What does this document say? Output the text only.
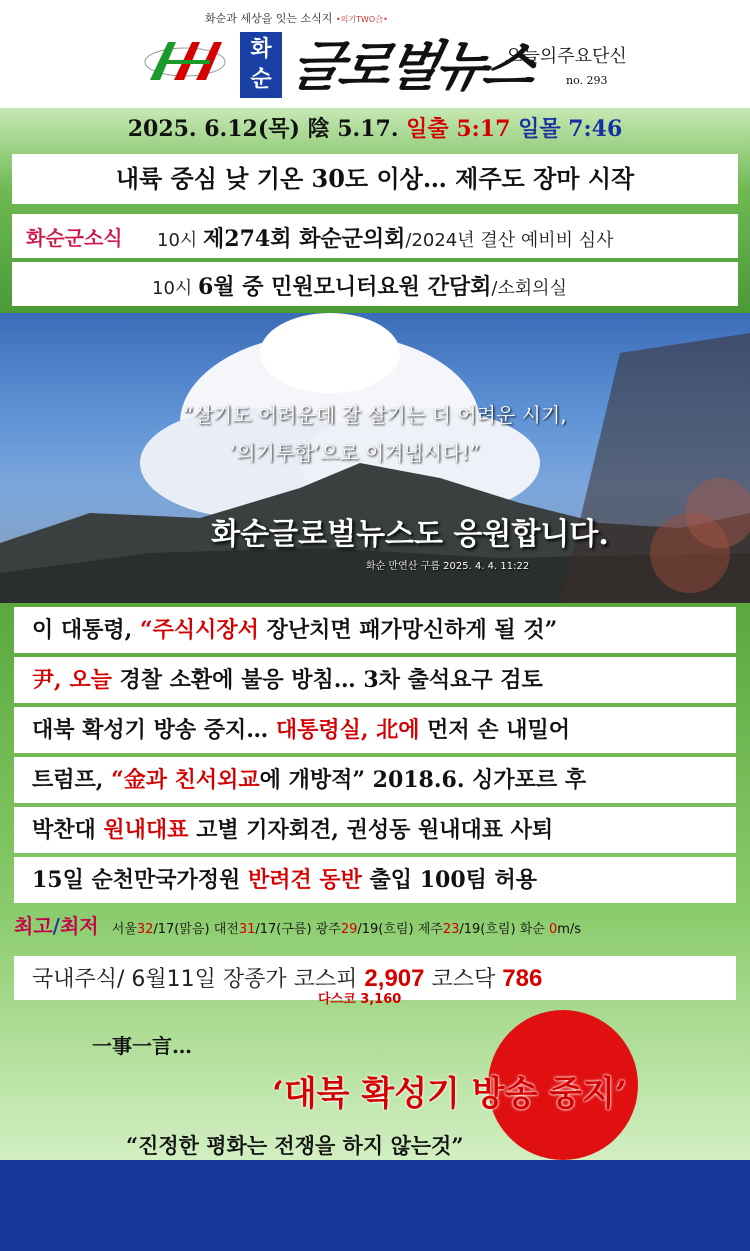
화순과 세상을 잇는 소식지 •의기TWO合•
화
순 글로벌뉴스
오늘의주요단신
no. 293
2025. 6.12(목) 陰 5.17. 일출 5:17 일몰 7:46
내륙 중심 낮 기온 30도 이상… 제주도 장마 시작
화순군소식 10시 제274회 화순군의회/2024년 결산 예비비 심사
10시 6월 중 민원모니터요원 간담회/소회의실
“살기도 어려운데 잘 살기는 더 어려운 시기,
‘의기투합’으로 이겨냅시다!”
화순글로벌뉴스도 응원합니다.
화순 만연산 구름 2025. 4. 4. 11:22
이 대통령, “주식시장서 장난치면 패가망신하게 될 것”
尹, 오늘 경찰 소환에 불응 방침… 3차 출석요구 검토
대북 확성기 방송 중지… 대통령실, 北에 먼저 손 내밀어
트럼프, “金과 친서외교에 개방적” 2018.6. 싱가포르 후
박찬대 원내대표 고별 기자회견, 권성동 원내대표 사퇴
15일 순천만국가정원 반려견 동반 출입 100팀 허용
최고/최저 서울32/17(맑음) 대전31/17(구름) 광주29/19(흐림) 제주23/19(흐림) 화순 0m/s
국내주식/ 6월11일 장종가 코스피 2,907 코스닥 786
다스코 3,160
一事一言…
‘대북 확성기 방송 중지’
“진정한 평화는 전쟁을 하지 않는것”
